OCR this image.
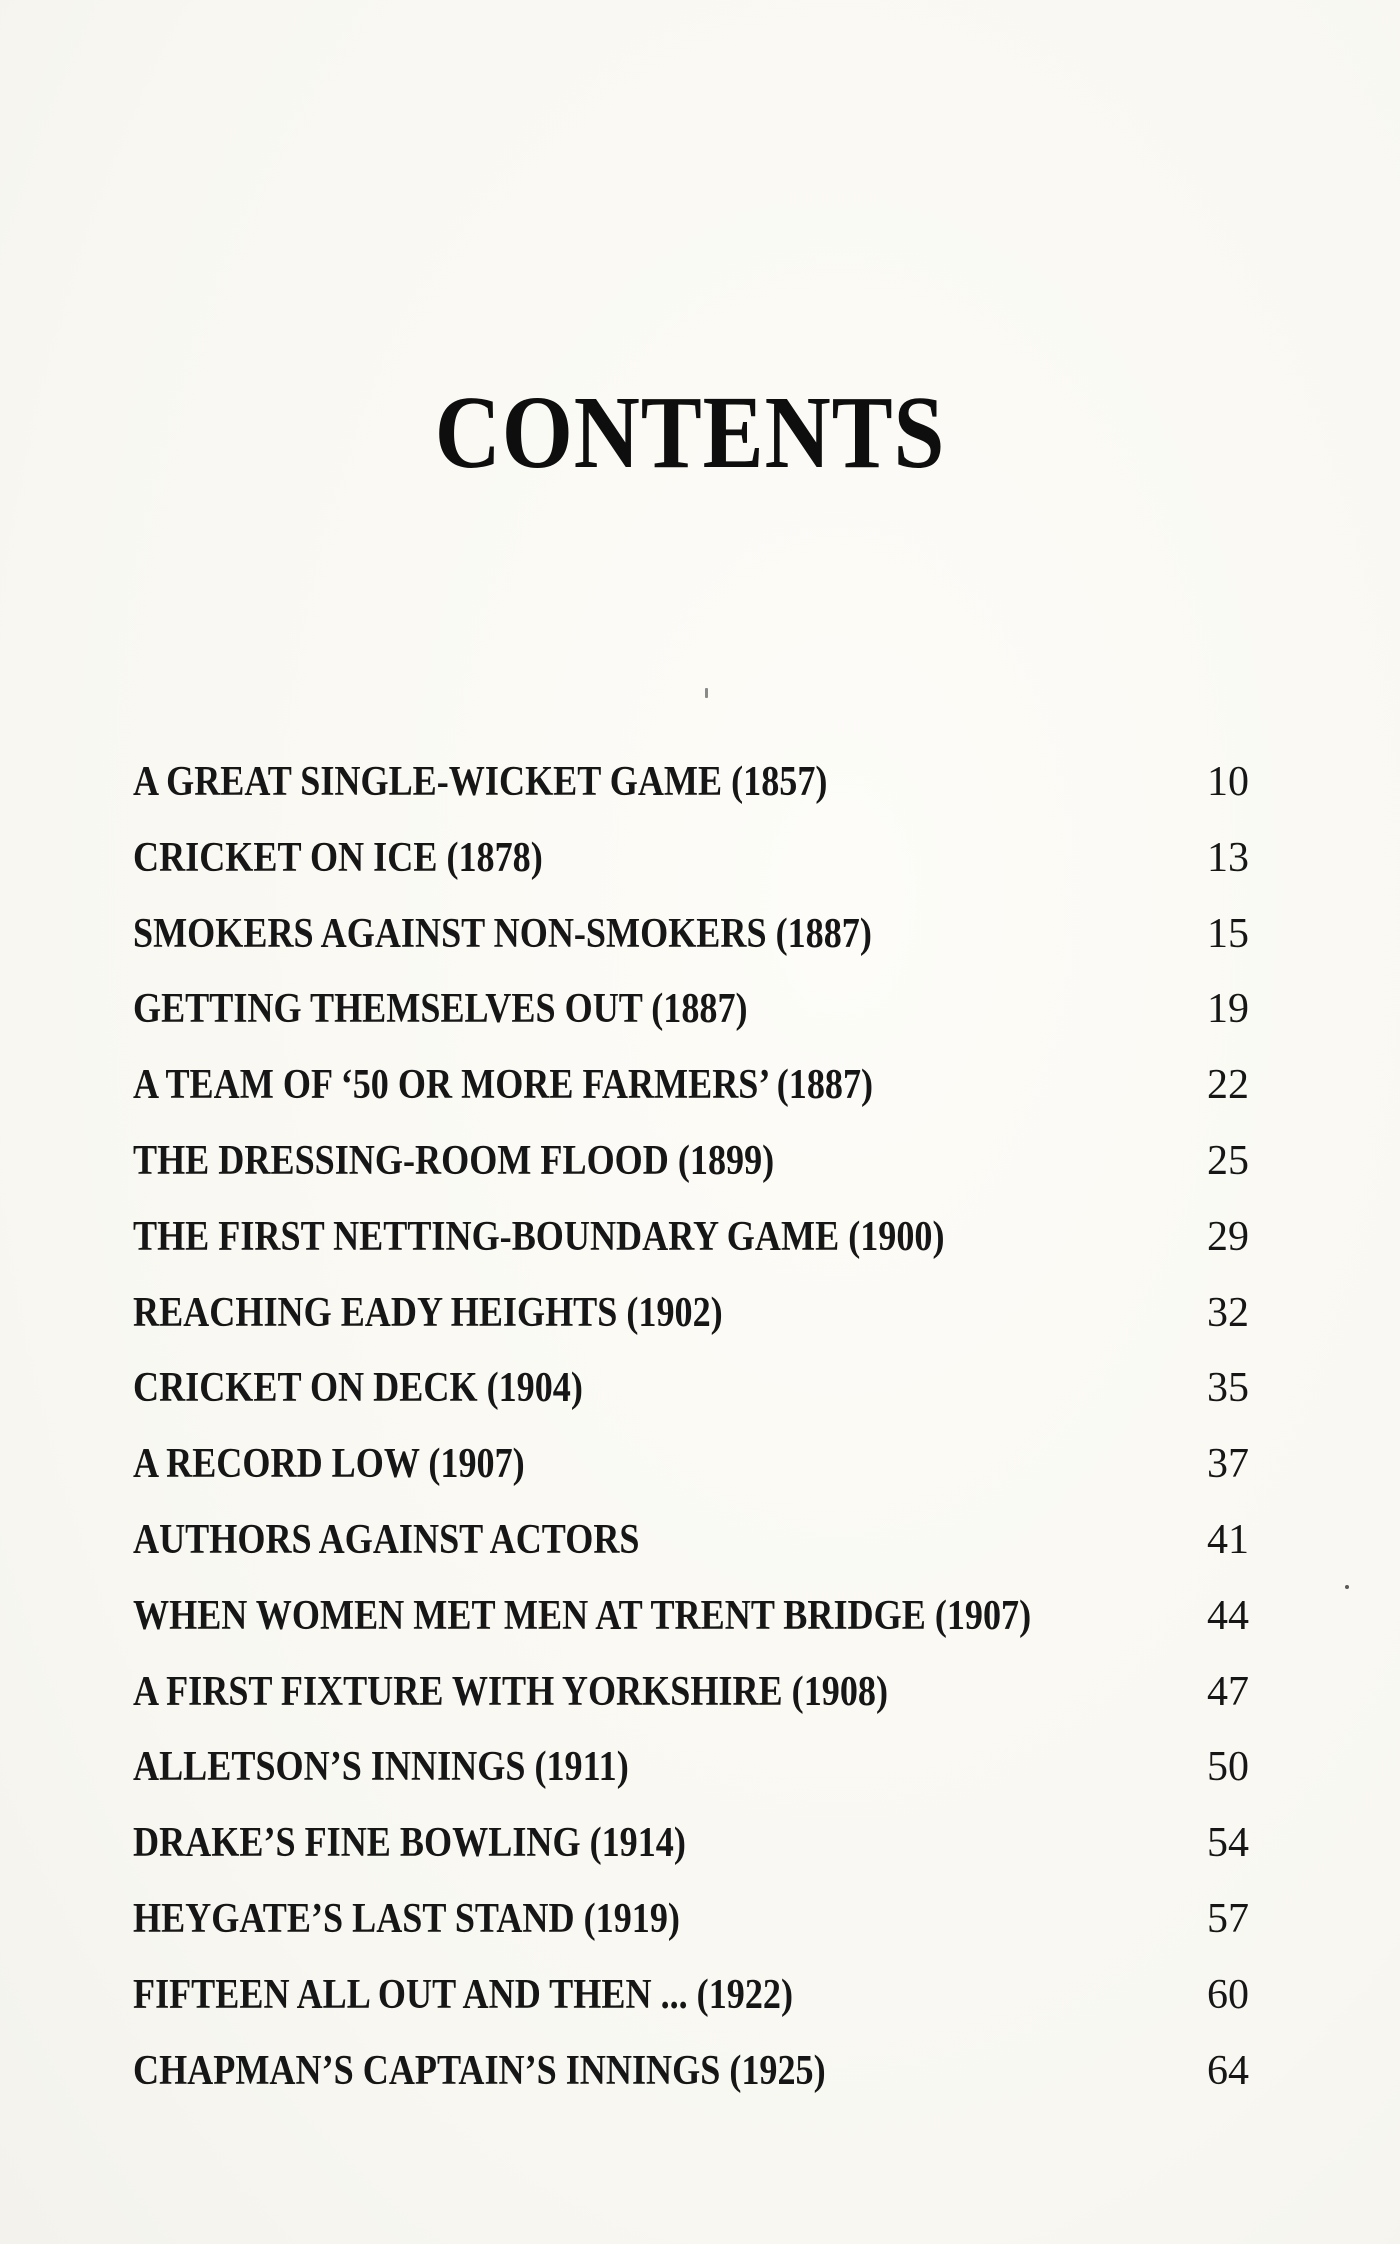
CONTENTS
A GREAT SINGLE-WICKET GAME (1857)	10
CRICKET ON ICE (1878)	13
SMOKERS AGAINST NON-SMOKERS (1887)	15
GETTING THEMSELVES OUT (1887)	19
A TEAM OF ‘50 OR MORE FARMERS’ (1887)	22
THE DRESSING-ROOM FLOOD (1899)	25
THE FIRST NETTING-BOUNDARY GAME (1900)	29
REACHING EADY HEIGHTS (1902)	32
CRICKET ON DECK (1904)	35
A RECORD LOW (1907)	37
AUTHORS AGAINST ACTORS	41
WHEN WOMEN MET MEN AT TRENT BRIDGE (1907)	44
A FIRST FIXTURE WITH YORKSHIRE (1908)	47
ALLETSON’S INNINGS (1911)	50
DRAKE’S FINE BOWLING (1914)	54
HEYGATE’S LAST STAND (1919)	57
FIFTEEN ALL OUT AND THEN ... (1922)	60
CHAPMAN’S CAPTAIN’S INNINGS (1925)	64
